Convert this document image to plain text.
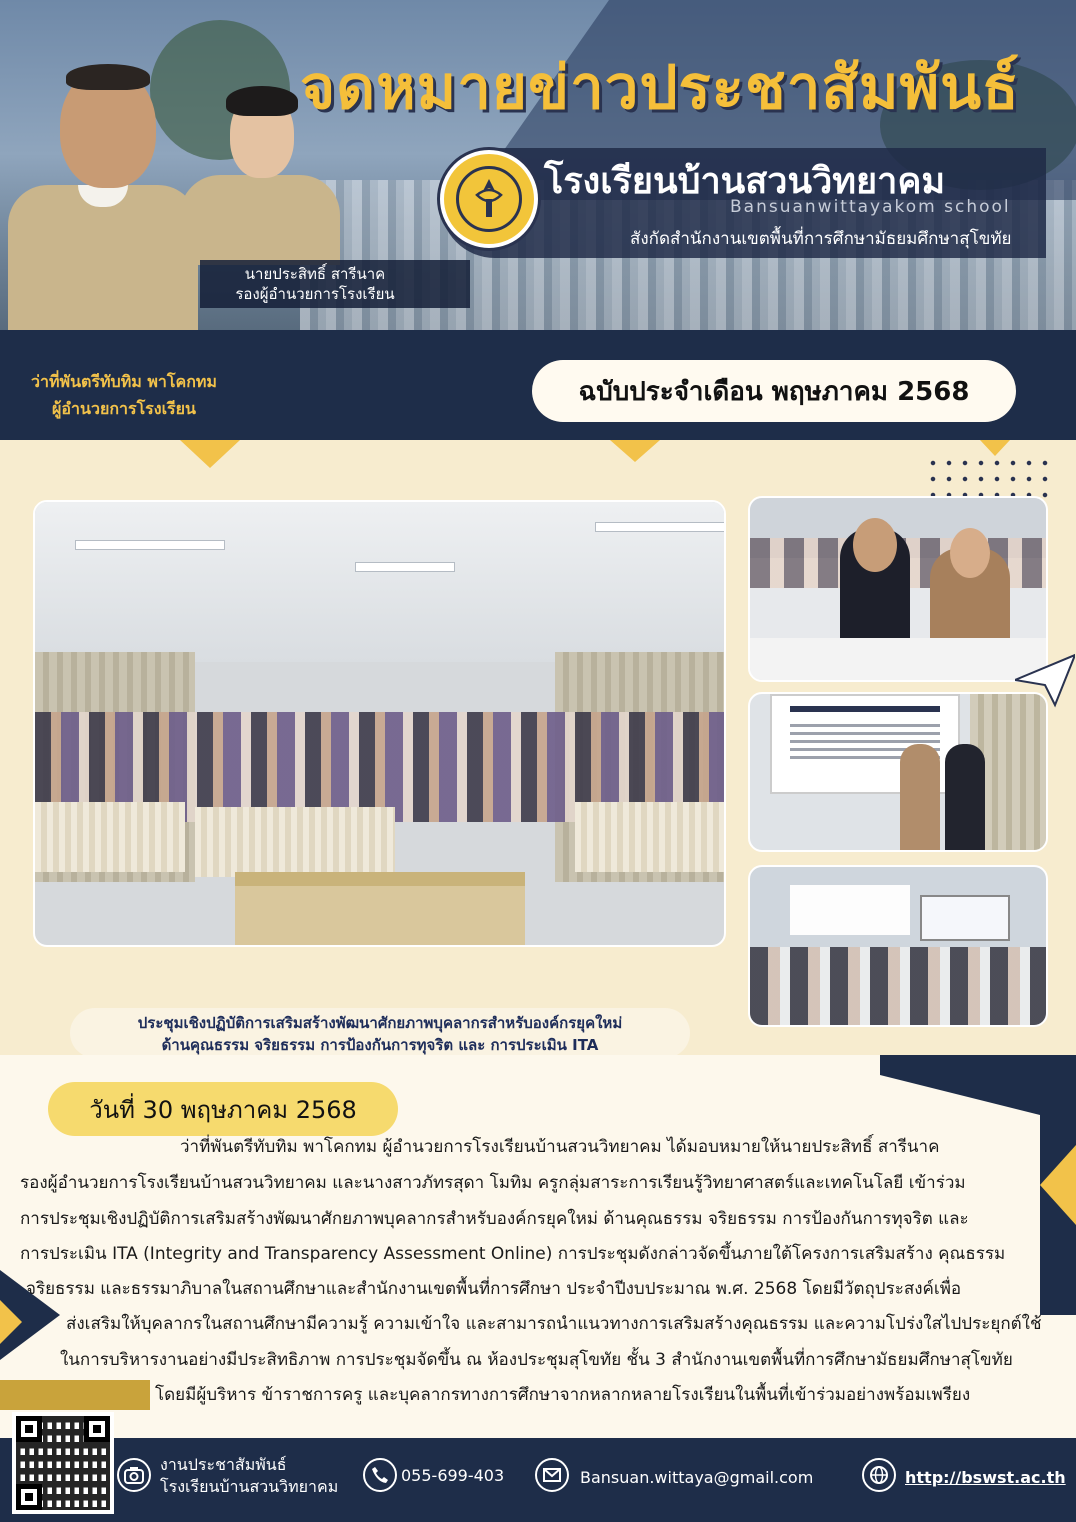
จดหมายข่าวประชาสัมพันธ์
โรงเรียนบ้านสวนวิทยาคม
Bansuanwittayakom school
สังกัดสำนักงานเขตพื้นที่การศึกษามัธยมศึกษาสุโขทัย
นายประสิทธิ์ สารีนาค
รองผู้อำนวยการโรงเรียน
ว่าที่พันตรีทับทิม พาโคกทม
ผู้อำนวยการโรงเรียน
ฉบับประจำเดือน พฤษภาคม 2568
ประชุมเชิงปฏิบัติการเสริมสร้างพัฒนาศักยภาพบุคลากรสำหรับองค์กรยุคใหม่
ด้านคุณธรรม จริยธรรม การป้องกันการทุจริต และ การประเมิน ITA
วันที่ 30 พฤษภาคม 2568
ว่าที่พันตรีทับทิม พาโคกทม ผู้อำนวยการโรงเรียนบ้านสวนวิทยาคม ได้มอบหมายให้นายประสิทธิ์ สารีนาค
รองผู้อำนวยการโรงเรียนบ้านสวนวิทยาคม และนางสาวภัทรสุดา โมทิม ครูกลุ่มสาระการเรียนรู้วิทยาศาสตร์และเทคโนโลยี เข้าร่วม
การประชุมเชิงปฏิบัติการเสริมสร้างพัฒนาศักยภาพบุคลากรสำหรับองค์กรยุคใหม่ ด้านคุณธรรม จริยธรรม การป้องกันการทุจริต และ
การประเมิน ITA (Integrity and Transparency Assessment Online) การประชุมดังกล่าวจัดขึ้นภายใต้โครงการเสริมสร้าง คุณธรรม
จริยธรรม และธรรมาภิบาลในสถานศึกษาและสำนักงานเขตพื้นที่การศึกษา ประจำปีงบประมาณ พ.ศ. 2568 โดยมีวัตถุประสงค์เพื่อ
ส่งเสริมให้บุคลากรในสถานศึกษามีความรู้ ความเข้าใจ และสามารถนำแนวทางการเสริมสร้างคุณธรรม และความโปร่งใสไปประยุกต์ใช้
ในการบริหารงานอย่างมีประสิทธิภาพ การประชุมจัดขึ้น ณ ห้องประชุมสุโขทัย ชั้น 3 สำนักงานเขตพื้นที่การศึกษามัธยมศึกษาสุโขทัย
โดยมีผู้บริหาร ข้าราชการครู และบุคลากรทางการศึกษาจากหลากหลายโรงเรียนในพื้นที่เข้าร่วมอย่างพร้อมเพรียง
งานประชาสัมพันธ์
โรงเรียนบ้านสวนวิทยาคม
055-699-403	Bansuan.wittaya@gmail.com	http://bswst.ac.th
